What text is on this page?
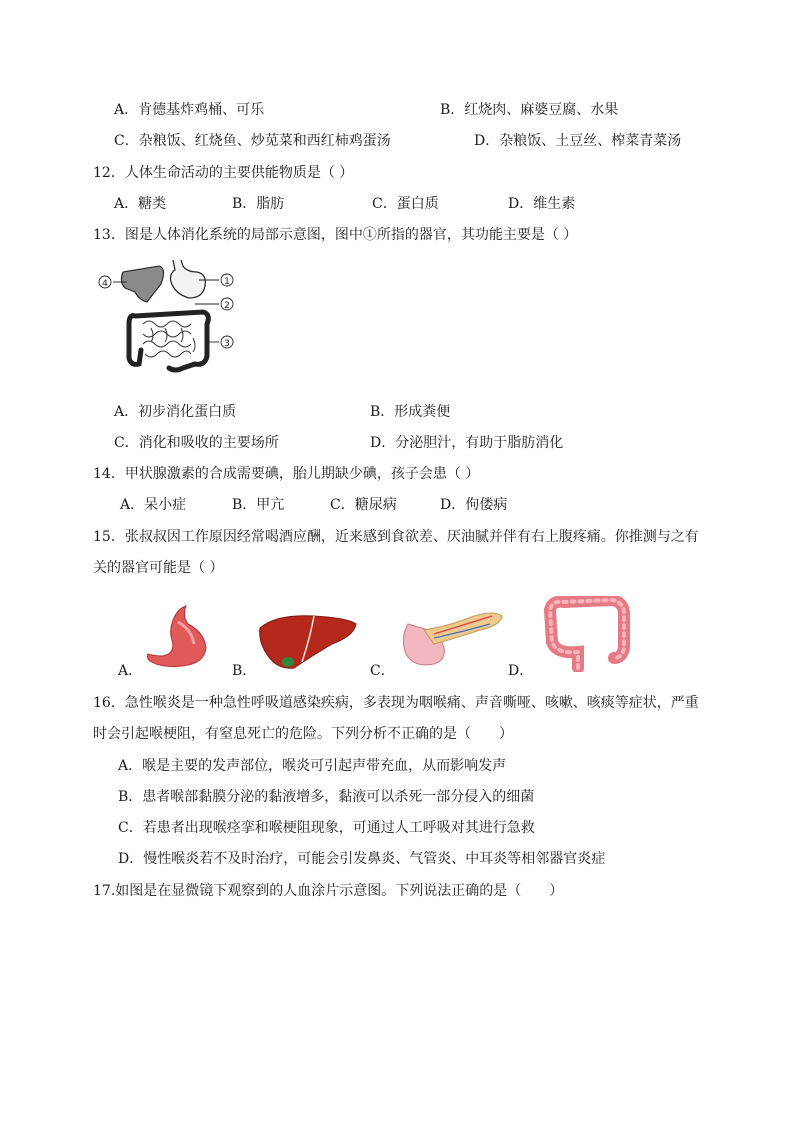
A．肯德基炸鸡桶、可乐	B．红烧肉、麻婆豆腐、水果
C．杂粮饭、红烧鱼、炒苋菜和西红柿鸡蛋汤	D．杂粮饭、土豆丝、榨菜青菜汤
12．人体生命活动的主要供能物质是（ ）
A．糖类	B．脂肪	C．蛋白质	D．维生素
13．图是人体消化系统的局部示意图，图中①所指的器官，其功能主要是（ ）
4	1
2
3
A．初步消化蛋白质	B．形成粪便
C．消化和吸收的主要场所	D．分泌胆汁，有助于脂肪消化
14．甲状腺激素的合成需要碘，胎儿期缺少碘，孩子会患（ ）
A．呆小症	B．甲亢	C．糖尿病	D．佝偻病
15．张叔叔因工作原因经常喝酒应酬，近来感到食欲差、厌油腻并伴有右上腹疼痛。你推测与之有
关的器官可能是（ ）
A．	B．	C．	D．
16．急性喉炎是一种急性呼吸道感染疾病，多表现为咽喉痛、声音嘶哑、咳嗽、咳痰等症状，严重
时会引起喉梗阻，有窒息死亡的危险。下列分析不正确的是（　　）
A．喉是主要的发声部位，喉炎可引起声带充血，从而影响发声
B．患者喉部黏膜分泌的黏液增多，黏液可以杀死一部分侵入的细菌
C．若患者出现喉痉挛和喉梗阻现象，可通过人工呼吸对其进行急救
D．慢性喉炎若不及时治疗，可能会引发鼻炎、气管炎、中耳炎等相邻器官炎症
17.如图是在显微镜下观察到的人血涂片示意图。下列说法正确的是（　　）
